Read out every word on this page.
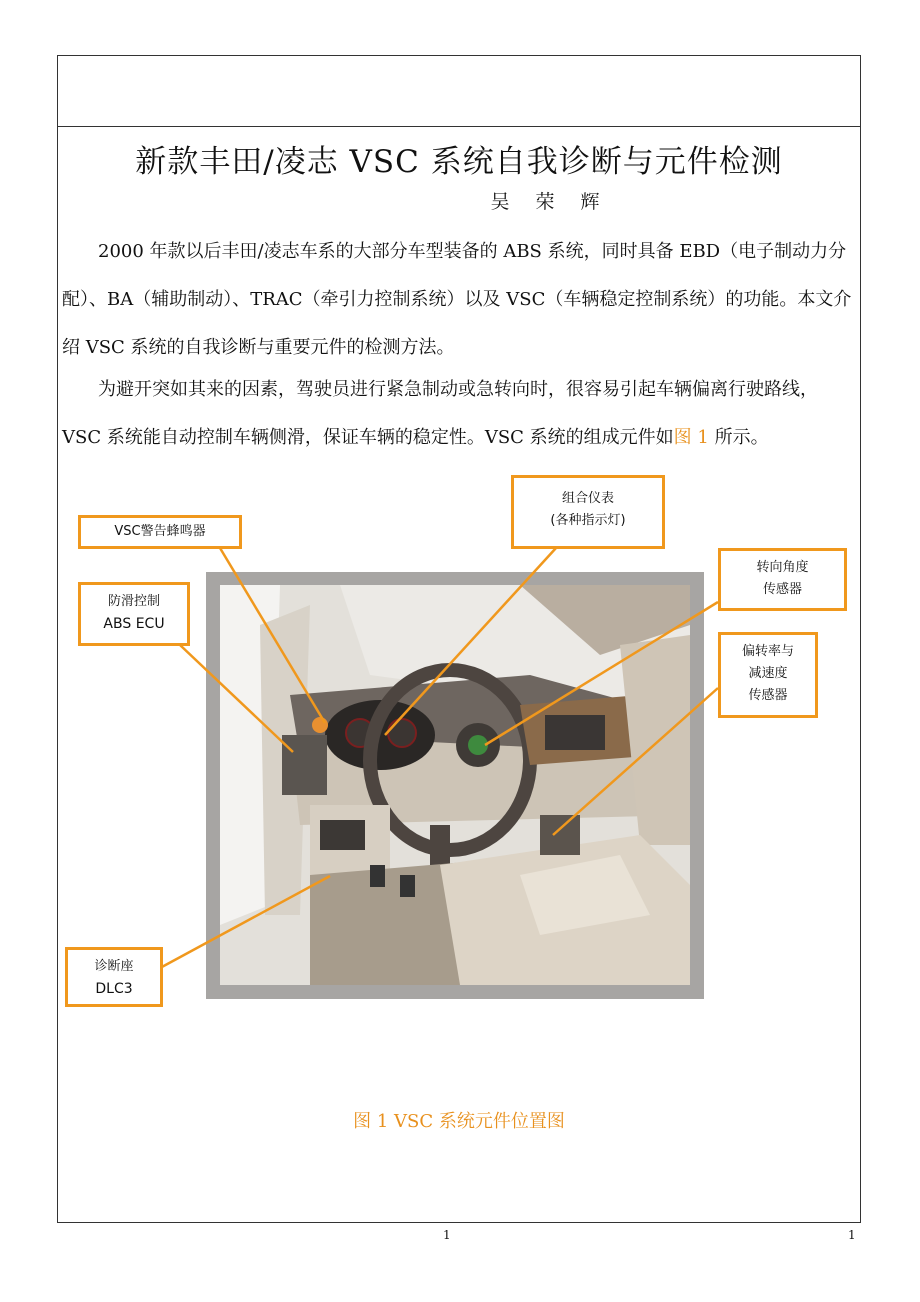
新款丰田/凌志 VSC 系统自我诊断与元件检测
吴 荣 辉

2000 年款以后丰田/凌志车系的大部分车型装备的 ABS 系统，同时具备 EBD（电子制动力分配）、BA（辅助制动）、TRAC（牵引力控制系统）以及 VSC（车辆稳定控制系统）的功能。本文介绍 VSC 系统的自我诊断与重要元件的检测方法。

为避开突如其来的因素，驾驶员进行紧急制动或急转向时，很容易引起车辆偏离行驶路线， VSC 系统能自动控制车辆侧滑，保证车辆的稳定性。VSC 系统的组成元件如图 1 所示。

VSC警告蜂鸣器
防滑控制
ABS ECU
诊断座
DLC3
组合仪表
(各种指示灯)
转向角度
传感器
偏转率与
减速度
传感器
图 1 VSC 系统元件位置图
1	1
